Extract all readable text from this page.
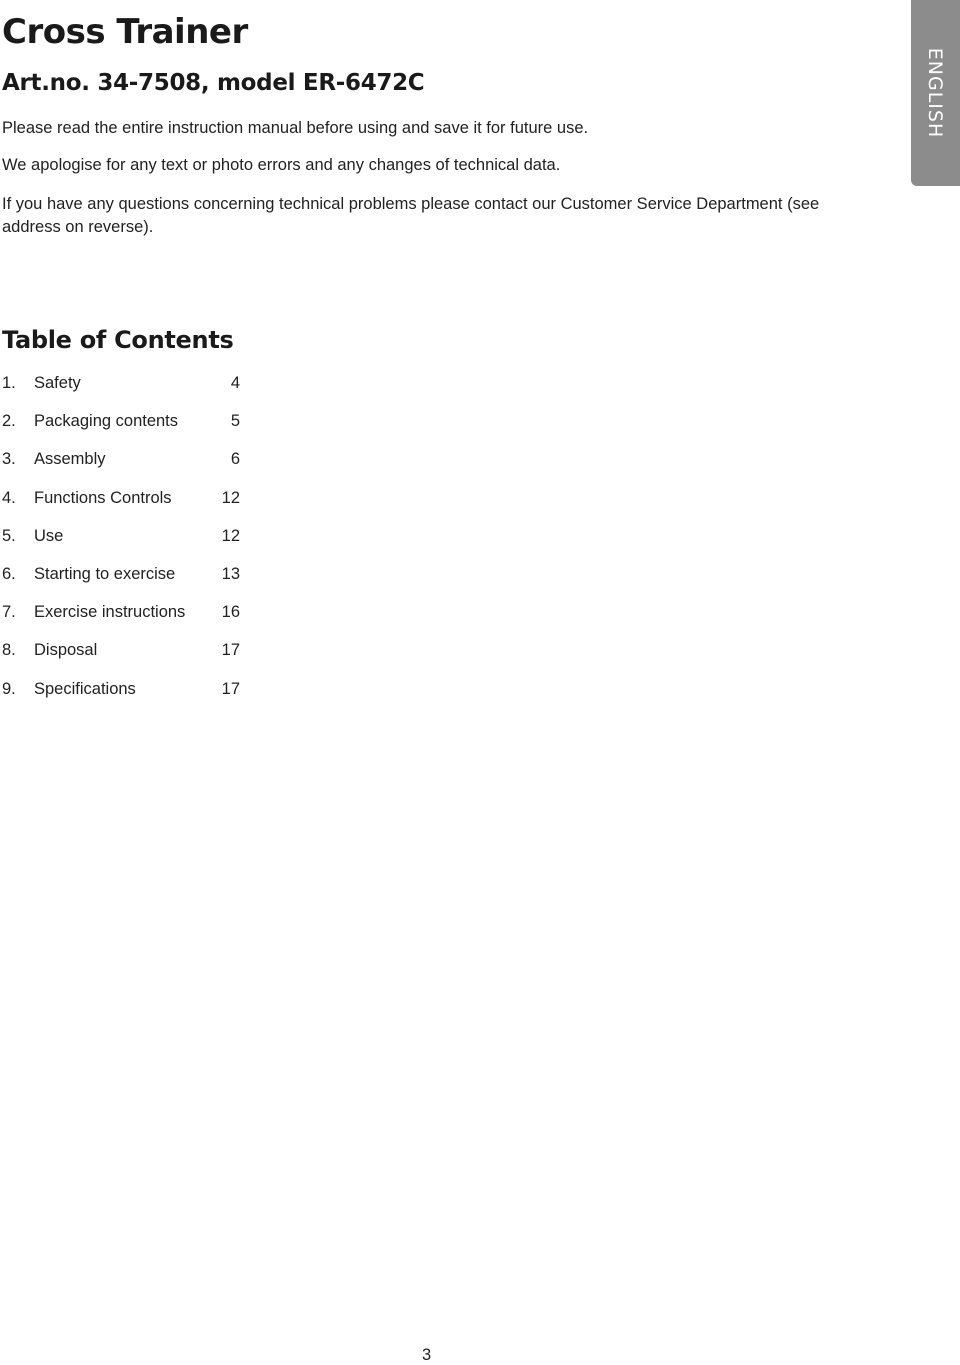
Cross Trainer
Art.no. 34-7508, model ER-6472C

Please read the entire instruction manual before using and save it for future use.

We apologise for any text or photo errors and any changes of technical data.

If you have any questions concerning technical problems please contact our Customer Service Department (see address on reverse).

ENGLISH
Table of Contents
1.	Safety	4
2.	Packaging contents	5
3.	Assembly	6
4.	Functions Controls	12
5.	Use	12
6.	Starting to exercise	13
7.	Exercise instructions 16
8.	Disposal	17
9.	Specifications	17
3
